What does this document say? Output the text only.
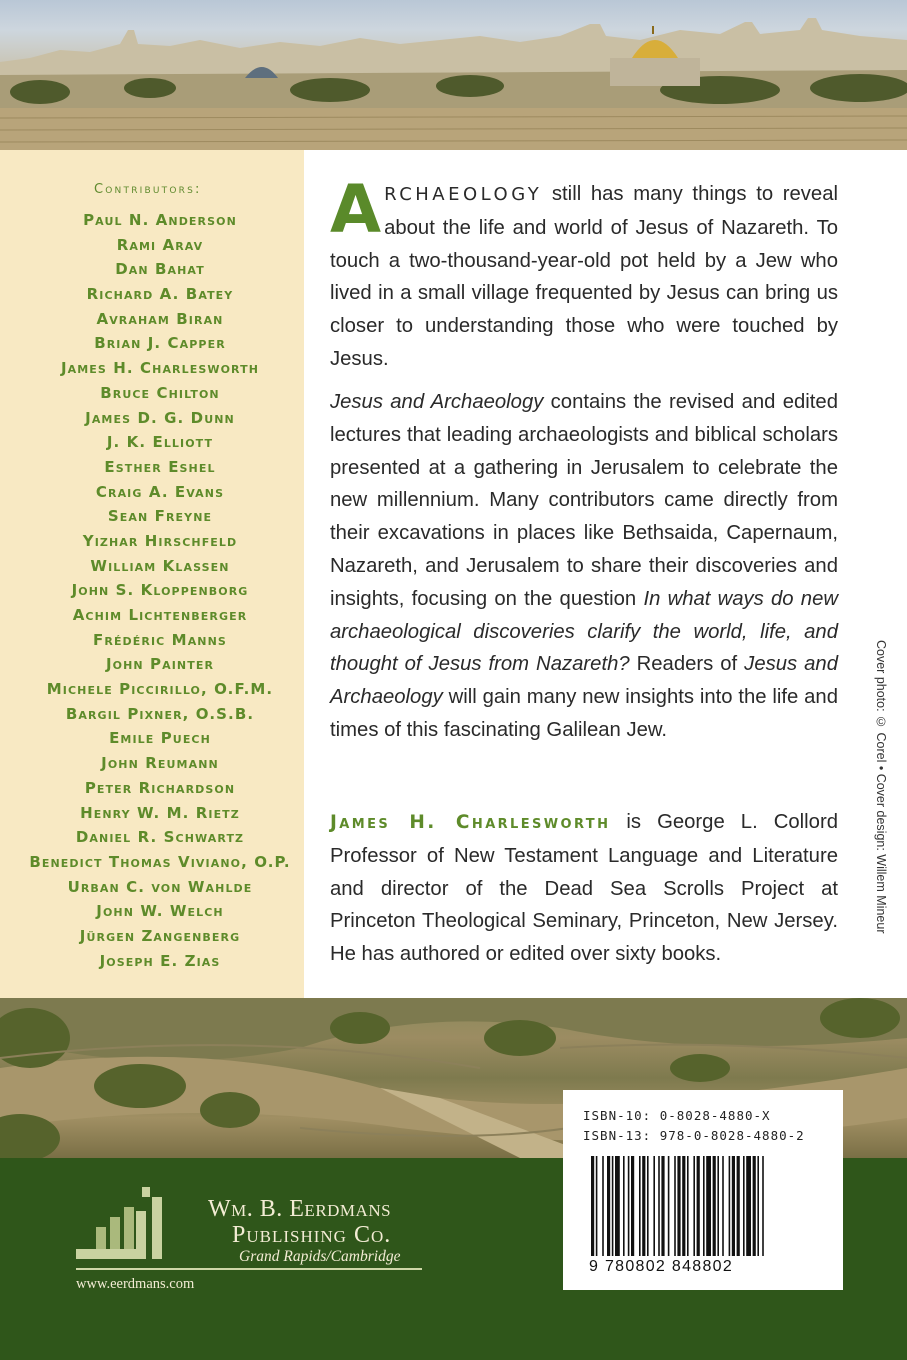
Contributors:
Paul N. Anderson
Rami Arav
Dan Bahat
Richard A. Batey
Avraham Biran
Brian J. Capper
James H. Charlesworth
Bruce Chilton
James D. G. Dunn
J. K. Elliott
Esther Eshel
Craig A. Evans
Sean Freyne
Yizhar Hirschfeld
William Klassen
John S. Kloppenborg
Achim Lichtenberger
Frédéric Manns
John Painter
Michele Piccirillo, O.F.M.
Bargil Pixner, O.S.B.
Emile Puech
John Reumann
Peter Richardson
Henry W. M. Rietz
Daniel R. Schwartz
Benedict Thomas Viviano, O.P.
Urban C. von Wahlde
John W. Welch
Jürgen Zangenberg
Joseph E. Zias

ARCHAEOLOGY still has many things to reveal about the life and world of Jesus of Nazareth. To touch a two-thousand-year-old pot held by a Jew who lived in a small village frequented by Jesus can bring us closer to understanding those who were touched by Jesus.

Jesus and Archaeology contains the revised and edited lectures that leading archaeologists and biblical scholars presented at a gathering in Jerusalem to celebrate the new millennium. Many contributors came directly from their excavations in places like Bethsaida, Capernaum, Nazareth, and Jerusalem to share their discoveries and insights, focusing on the question In what ways do new archaeological discoveries clarify the world, life, and thought of Jesus from Nazareth? Readers of Jesus and Archaeology will gain many new insights into the life and times of this fascinating Galilean Jew.

James H. Charlesworth is George L. Collord Professor of New Testament Language and Literature and director of the Dead Sea Scrolls Project at Princeton Theological Seminary, Princeton, New Jersey. He has authored or edited over sixty books.

Cover photo: © Corel • Cover design: Willem Mineur
Wm. B. Eerdmans
Publishing Co.
Grand Rapids/Cambridge
www.eerdmans.com
ISBN-10: 0-8028-4880-X
ISBN-13: 978-0-8028-4880-2
9 780802 848802
